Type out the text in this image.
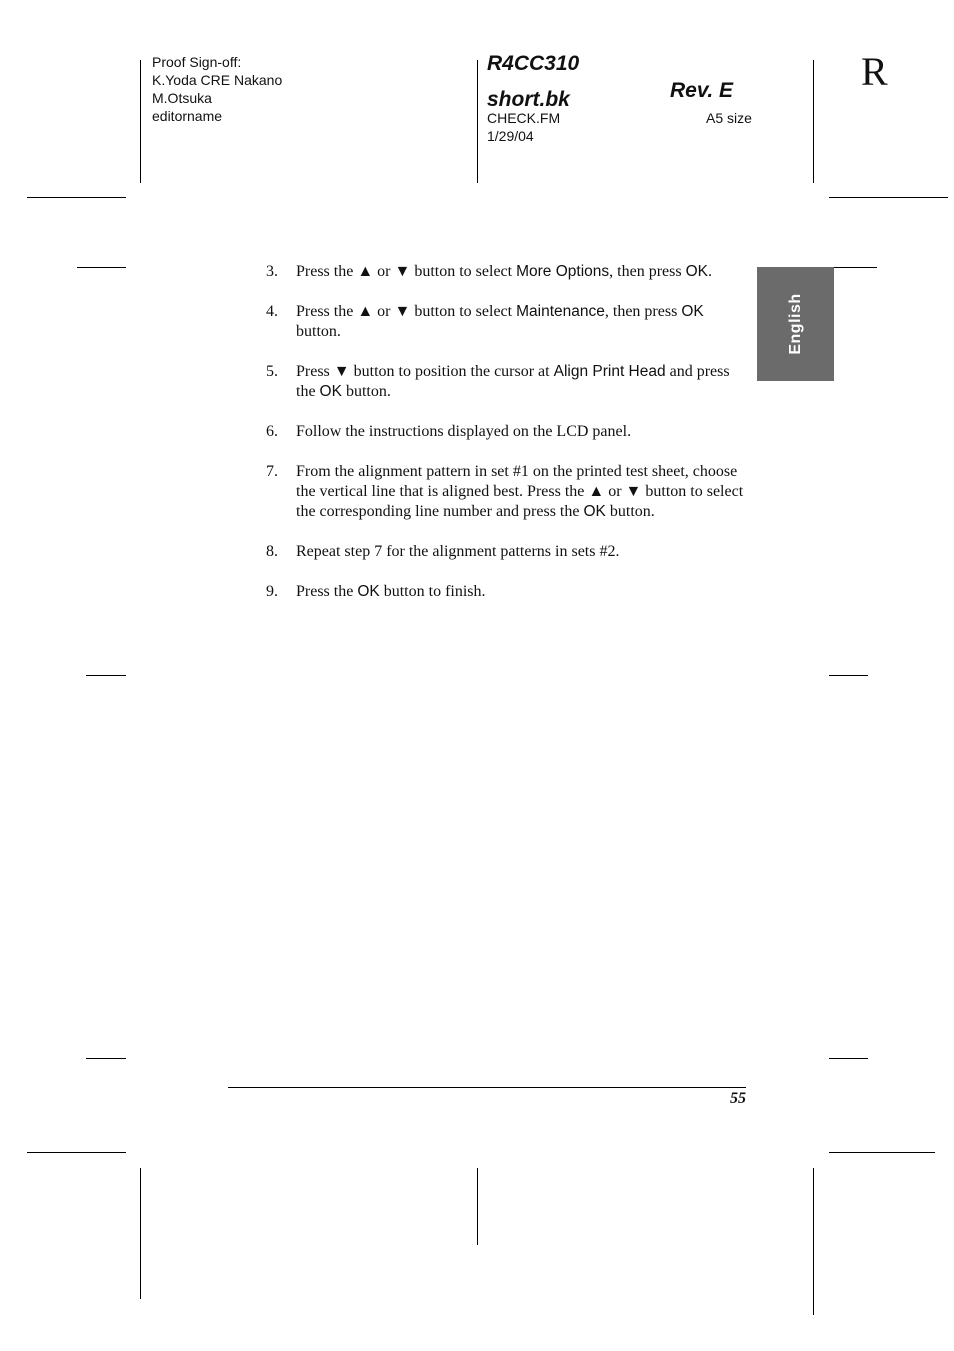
Proof Sign-off:
K.Yoda CRE Nakano
M.Otsuka
editorname
R4CC310
short.bk	Rev. E
CHECK.FM
1/29/04
A5 size
R
English
3. Press the ▲ or ▼ button to select More Options, then press OK.
4. Press the ▲ or ▼ button to select Maintenance, then press OK button.
5. Press ▼ button to position the cursor at Align Print Head and press the OK button.
6. Follow the instructions displayed on the LCD panel.
7. From the alignment pattern in set #1 on the printed test sheet, choose the vertical line that is aligned best. Press the ▲ or ▼ button to select the corresponding line number and press the OK button.
8. Repeat step 7 for the alignment patterns in sets #2.
9. Press the OK button to finish.
55
